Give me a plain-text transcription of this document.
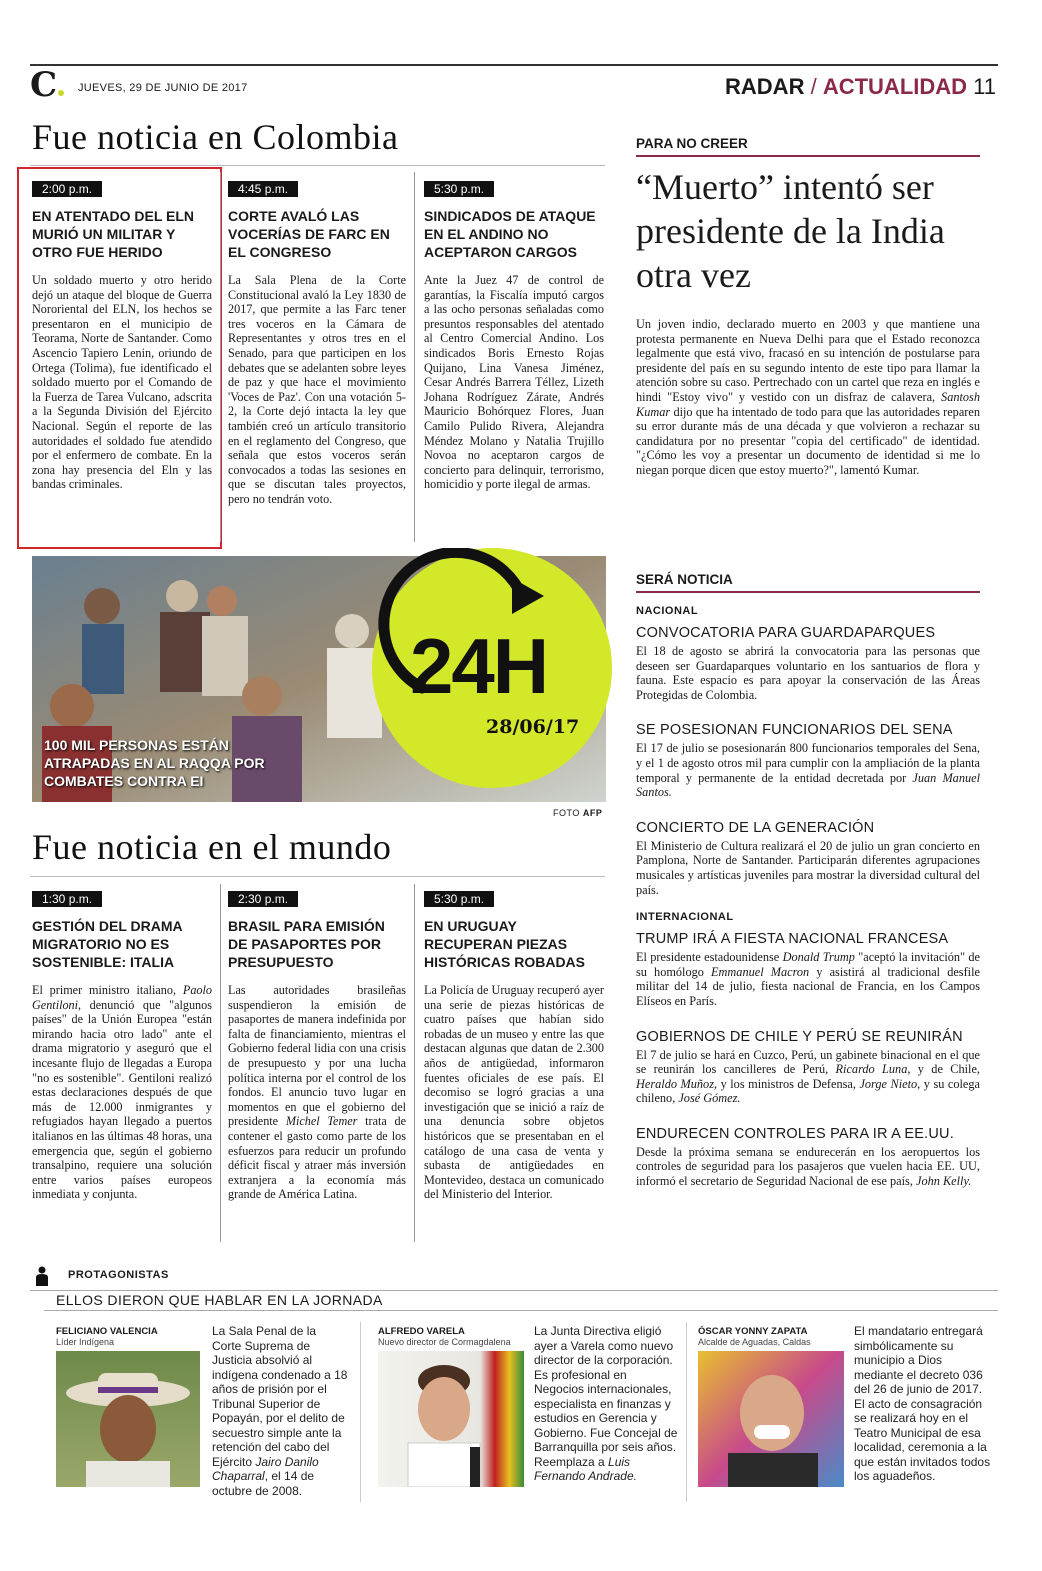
C	JUEVES, 29 DE JUNIO DE 2017	RADAR / ACTUALIDAD 11
Fue noticia en Colombia
2:00 p.m.
EN ATENTADO DEL ELN MURIÓ UN MILITAR Y OTRO FUE HERIDO
Un soldado muerto y otro herido dejó un ataque del bloque de Guerra Nororiental del ELN, los hechos se presentaron en el municipio de Teorama, Norte de Santander. Como Ascencio Tapiero Lenin, oriundo de Ortega (Tolima), fue identificado el soldado muerto por el Comando de la Fuerza de Tarea Vulcano, adscrita a la Segunda División del Ejército Nacional. Según el reporte de las autoridades el soldado fue atendido por el enfermero de combate. En la zona hay presencia del Eln y las bandas criminales.
4:45 p.m.
CORTE AVALÓ LAS VOCERÍAS DE FARC EN EL CONGRESO
La Sala Plena de la Corte Constitucional avaló la Ley 1830 de 2017, que permite a las Farc tener tres voceros en la Cámara de Representantes y otros tres en el Senado, para que participen en los debates que se adelanten sobre leyes de paz y que hace el movimiento 'Voces de Paz'. Con una votación 5-2, la Corte dejó intacta la ley que también creó un artículo transitorio en el reglamento del Congreso, que señala que estos voceros serán convocados a todas las sesiones en que se discutan tales proyectos, pero no tendrán voto.
5:30 p.m.
SINDICADOS DE ATAQUE EN EL ANDINO NO ACEPTARON CARGOS
Ante la Juez 47 de control de garantías, la Fiscalía imputó cargos a las ocho personas señaladas como presuntos responsables del atentado al Centro Comercial Andino. Los sindicados Boris Ernesto Rojas Quijano, Lina Vanesa Jiménez, Cesar Andrés Barrera Téllez, Lizeth Johana Rodríguez Zárate, Andrés Mauricio Bohórquez Flores, Juan Camilo Pulido Rivera, Alejandra Méndez Molano y Natalia Trujillo Novoa no aceptaron cargos de concierto para delinquir, terrorismo, homicidio y porte ilegal de armas.
PARA NO CREER
“Muerto” intentó ser presidente de la India otra vez
Un joven indio, declarado muerto en 2003 y que mantiene una protesta permanente en Nueva Delhi para que el Estado reconozca legalmente que está vivo, fracasó en su intención de postularse para presidente del país en su segundo intento de este tipo para llamar la atención sobre su caso. Pertrechado con un cartel que reza en inglés e hindi "Estoy vivo" y vestido con un disfraz de calavera, Santosh Kumar dijo que ha intentado de todo para que las autoridades reparen su error durante más de una década y que volvieron a rechazar su candidatura por no presentar "copia del certificado" de identidad. "¿Cómo les voy a presentar un documento de identidad si me lo niegan porque dicen que estoy muerto?", lamentó Kumar.
100 MIL PERSONAS ESTÁN ATRAPADAS EN AL RAQQA POR COMBATES CONTRA EI
24H
28/06/17
FOTO AFP
SERÁ NOTICIA
NACIONAL
CONVOCATORIA PARA GUARDAPARQUES
El 18 de agosto se abrirá la convocatoria para las personas que deseen ser Guardaparques voluntario en los santuarios de flora y fauna. Este espacio es para apoyar la conservación de las Áreas Protegidas de Colombia.
SE POSESIONAN FUNCIONARIOS DEL SENA
El 17 de julio se posesionarán 800 funcionarios temporales del Sena, y el 1 de agosto otros mil para cumplir con la ampliación de la planta temporal y permanente de la entidad decretada por Juan Manuel Santos.
CONCIERTO DE LA GENERACIÓN
El Ministerio de Cultura realizará el 20 de julio un gran concierto en Pamplona, Norte de Santander. Participarán diferentes agrupaciones musicales y artísticas juveniles para mostrar la diversidad cultural del país.
INTERNACIONAL
TRUMP IRÁ A FIESTA NACIONAL FRANCESA
El presidente estadounidense Donald Trump "aceptó la invitación" de su homólogo Emmanuel Macron y asistirá al tradicional desfile militar del 14 de julio, fiesta nacional de Francia, en los Campos Elíseos en París.
GOBIERNOS DE CHILE Y PERÚ SE REUNIRÁN
El 7 de julio se hará en Cuzco, Perú, un gabinete binacional en el que se reunirán los cancilleres de Perú, Ricardo Luna, y de Chile, Heraldo Muñoz, y los ministros de Defensa, Jorge Nieto, y su colega chileno, José Gómez.
ENDURECEN CONTROLES PARA IR A EE.UU.
Desde la próxima semana se endurecerán en los aeropuertos los controles de seguridad para los pasajeros que vuelen hacia EE. UU, informó el secretario de Seguridad Nacional de ese país, John Kelly.
Fue noticia en el mundo
1:30 p.m.
GESTIÓN DEL DRAMA MIGRATORIO NO ES SOSTENIBLE: ITALIA
El primer ministro italiano, Paolo Gentiloni, denunció que "algunos países" de la Unión Europea "están mirando hacia otro lado" ante el drama migratorio y aseguró que el incesante flujo de llegadas a Europa "no es sostenible". Gentiloni realizó estas declaraciones después de que más de 12.000 inmigrantes y refugiados hayan llegado a puertos italianos en las últimas 48 horas, una emergencia que, según el gobierno transalpino, requiere una solución entre varios países europeos inmediata y conjunta.
2:30 p.m.
BRASIL PARA EMISIÓN DE PASAPORTES POR PRESUPUESTO
Las autoridades brasileñas suspendieron la emisión de pasaportes de manera indefinida por falta de financiamiento, mientras el Gobierno federal lidia con una crisis de presupuesto y por una lucha política interna por el control de los fondos. El anuncio tuvo lugar en momentos en que el gobierno del presidente Michel Temer trata de contener el gasto como parte de los esfuerzos para reducir un profundo déficit fiscal y atraer más inversión extranjera a la economía más grande de América Latina.
5:30 p.m.
EN URUGUAY RECUPERAN PIEZAS HISTÓRICAS ROBADAS
La Policía de Uruguay recuperó ayer una serie de piezas históricas de cuatro países que habían sido robadas de un museo y entre las que destacan algunas que datan de 2.300 años de antigüedad, informaron fuentes oficiales de ese país. El decomiso se logró gracias a una investigación que se inició a raíz de una denuncia sobre objetos históricos que se presentaban en el catálogo de una casa de venta y subasta de antigüedades en Montevideo, destaca un comunicado del Ministerio del Interior.
PROTAGONISTAS
ELLOS DIERON QUE HABLAR EN LA JORNADA
FELICIANO VALENCIA
Líder Indígena
La Sala Penal de la Corte Suprema de Justicia absolvió al indígena condenado a 18 años de prisión por el Tribunal Superior de Popayán, por el delito de secuestro simple ante la retención del cabo del Ejército Jairo Danilo Chaparral, el 14 de octubre de 2008.
ALFREDO VARELA
Nuevo director de Cormagdalena
La Junta Directiva eligió ayer a Varela como nuevo director de la corporación. Es profesional en Negocios internacionales, especialista en finanzas y estudios en Gerencia y Gobierno. Fue Concejal de Barranquilla por seis años. Reemplaza a Luis Fernando Andrade.
ÓSCAR YONNY ZAPATA
Alcalde de Aguadas, Caldas
El mandatario entregará simbólicamente su municipio a Dios mediante el decreto 036 del 26 de junio de 2017. El acto de consagración se realizará hoy en el Teatro Municipal de esa localidad, ceremonia a la que están invitados todos los aguadeños.
